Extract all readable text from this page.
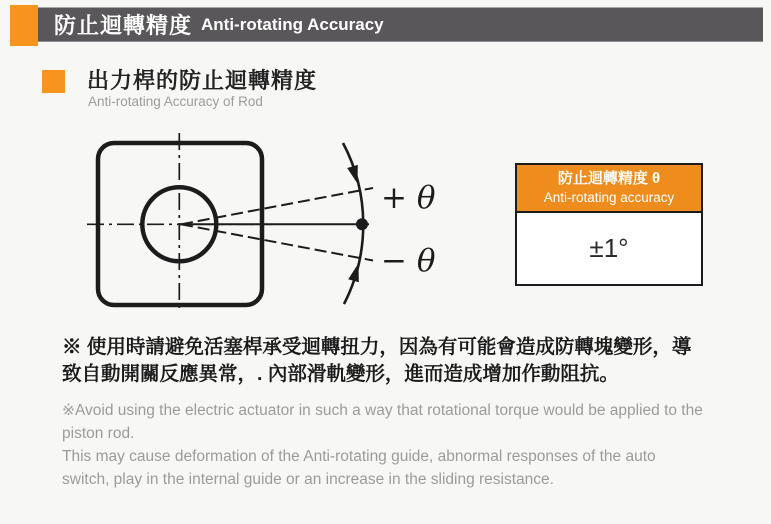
防止迴轉精度 Anti-rotating Accuracy
出力桿的防止迴轉精度
Anti-rotating Accuracy of Rod
+ θ
− θ
防止迴轉精度 θ
Anti-rotating accuracy
±1°
※ 使用時請避免活塞桿承受迴轉扭力，因為有可能會造成防轉塊變形，導致自動開關反應異常，. 內部滑軌變形，進而造成增加作動阻抗。

※Avoid using the electric actuator in such a way that rotational torque would be applied to the piston rod.

This may cause deformation of the Anti-rotating guide, abnormal responses of the auto switch, play in the internal guide or an increase in the sliding resistance.
